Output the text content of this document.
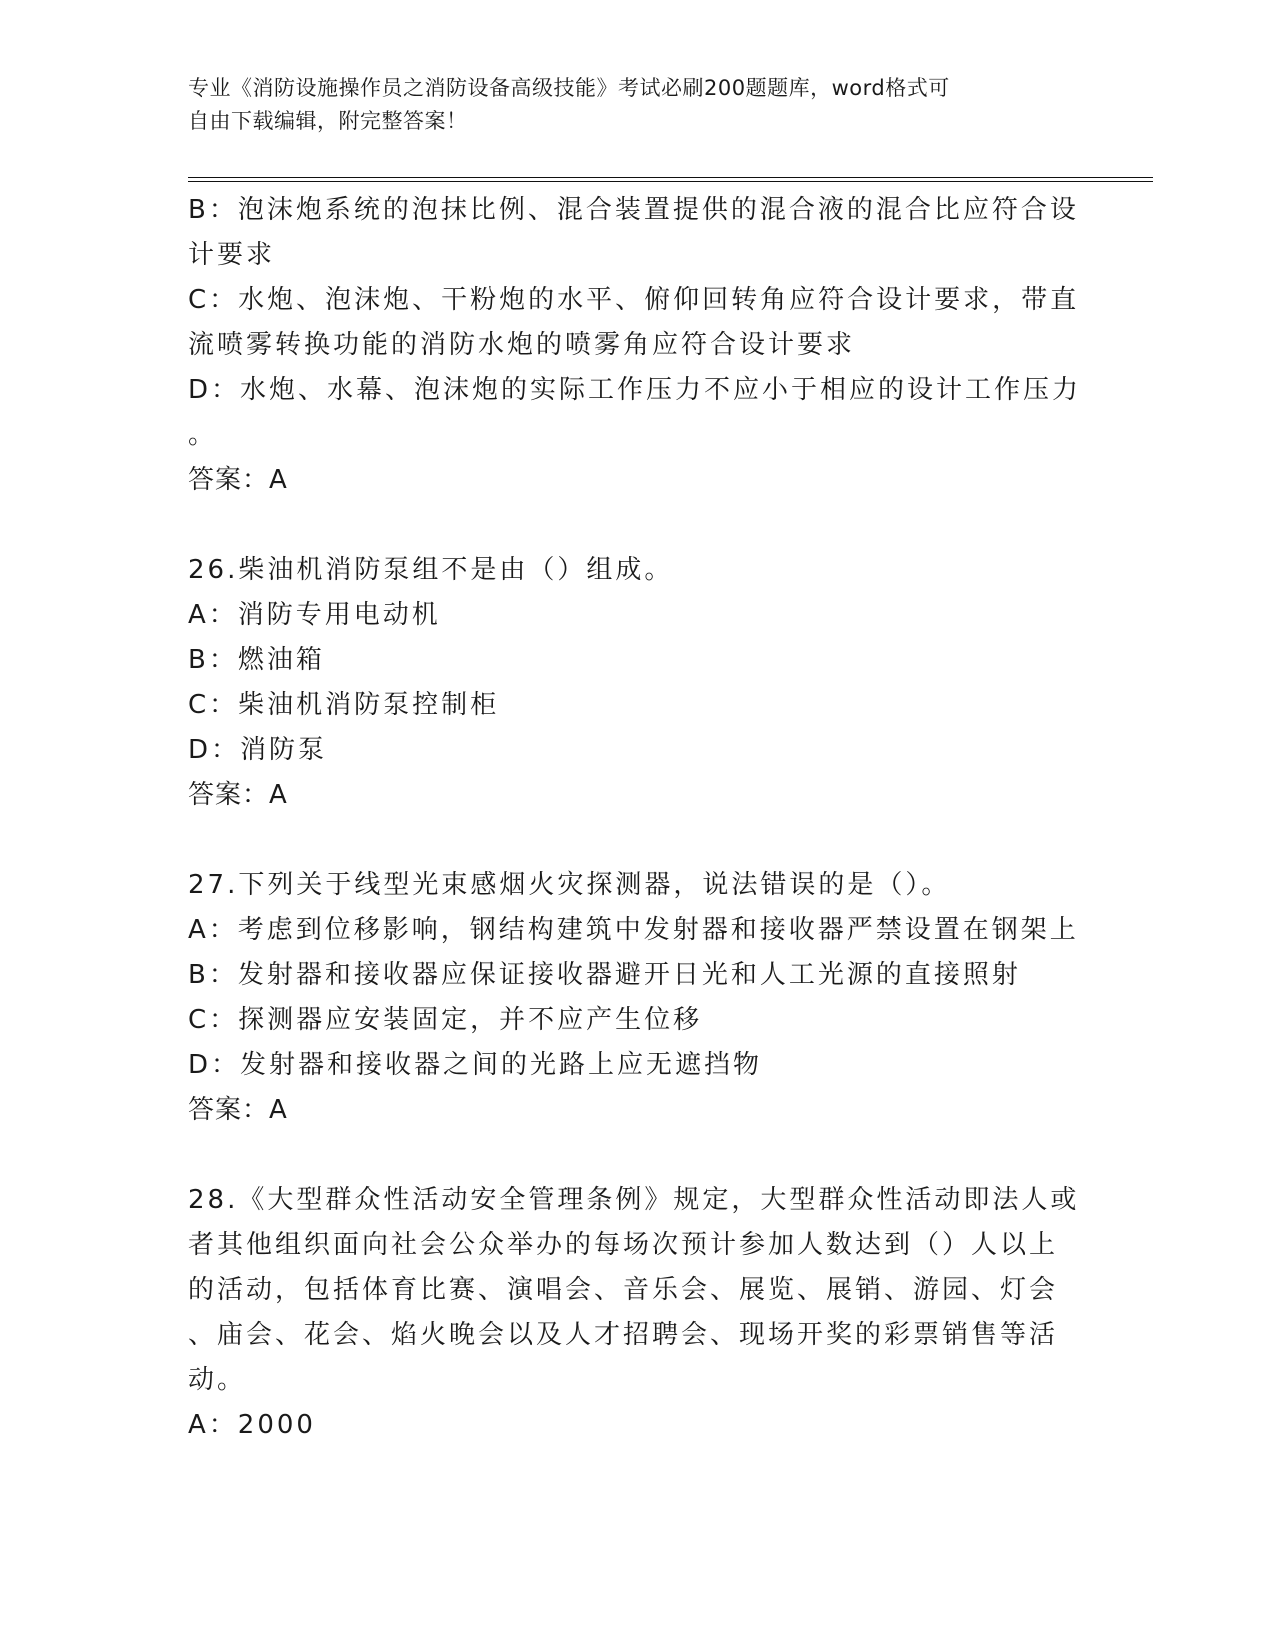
专业《消防设施操作员之消防设备高级技能》考试必刷200题题库，word格式可
自由下载编辑，附完整答案！
B：泡沫炮系统的泡抹比例、混合装置提供的混合液的混合比应符合设
计要求
C：水炮、泡沫炮、干粉炮的水平、俯仰回转角应符合设计要求，带直
流喷雾转换功能的消防水炮的喷雾角应符合设计要求
D：水炮、水幕、泡沫炮的实际工作压力不应小于相应的设计工作压力
。
答案：A
26.柴油机消防泵组不是由（）组成。
A：消防专用电动机
B：燃油箱
C：柴油机消防泵控制柜
D：消防泵
答案：A
27.下列关于线型光束感烟火灾探测器，说法错误的是（）。
A：考虑到位移影响，钢结构建筑中发射器和接收器严禁设置在钢架上
B：发射器和接收器应保证接收器避开日光和人工光源的直接照射
C：探测器应安装固定，并不应产生位移
D：发射器和接收器之间的光路上应无遮挡物
答案：A
28.《大型群众性活动安全管理条例》规定，大型群众性活动即法人或
者其他组织面向社会公众举办的每场次预计参加人数达到（）人以上
的活动，包括体育比赛、演唱会、音乐会、展览、展销、游园、灯会
、庙会、花会、焰火晚会以及人才招聘会、现场开奖的彩票销售等活
动。
A：2000
